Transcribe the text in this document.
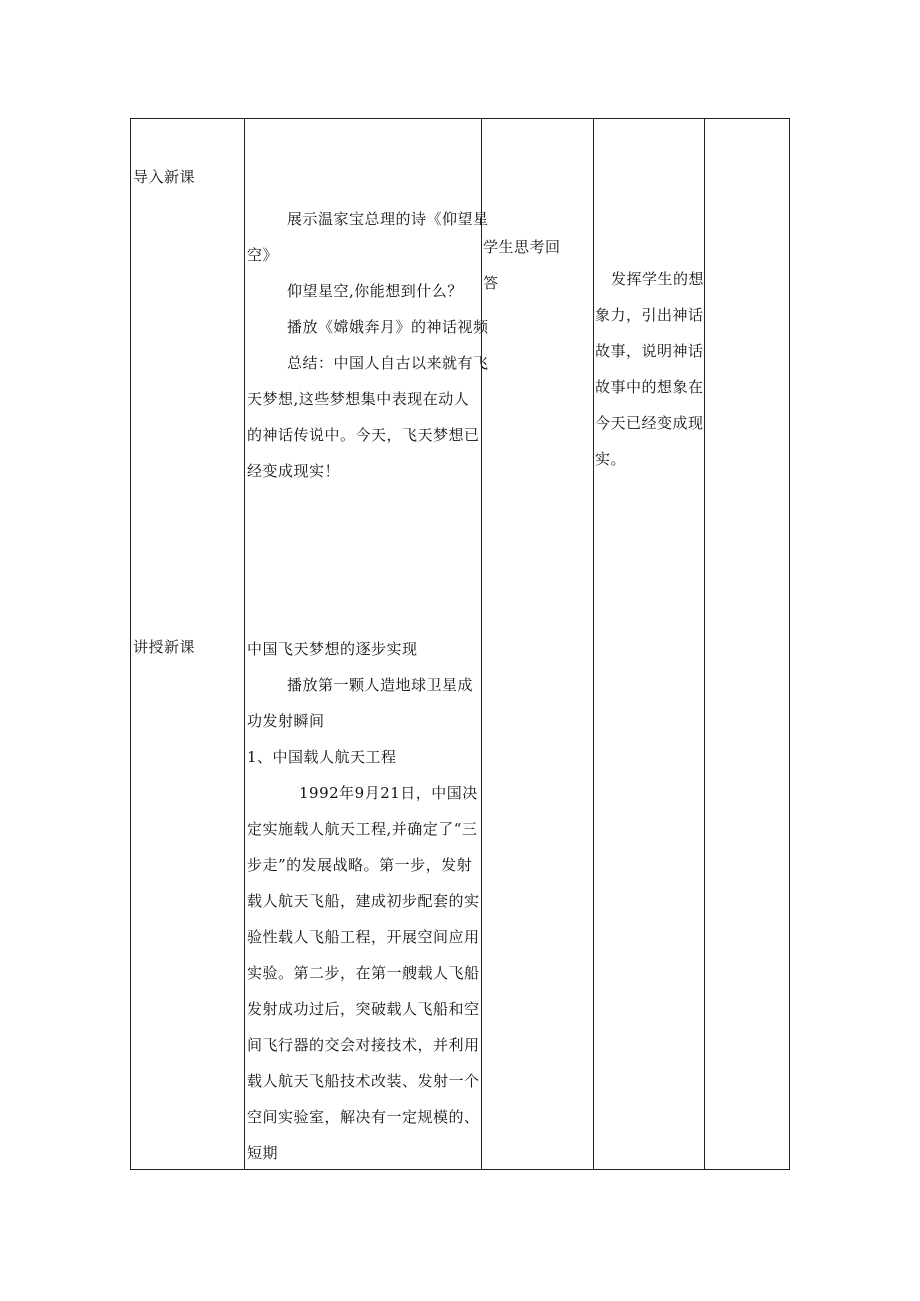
导入新课

展示温家宝总理的诗《仰望星

空》

仰望星空,你能想到什么？

播放《嫦娥奔月》的神话视频

总结：中国人自古以来就有飞

天梦想,这些梦想集中表现在动人

的神话传说中。今天，飞天梦想已

经变成现实！

学生思考回

答	发挥学生的想

象力，引出神话

故事，说明神话

故事中的想象在

今天已经变成现

实。

讲授新课	中国飞天梦想的逐步实现

播放第一颗人造地球卫星成

功发射瞬间

1、中国载人航天工程

1992年9月21日，中国决

定实施载人航天工程,并确定了“三

步走”的发展战略。第一步，发射

载人航天飞船，建成初步配套的实

验性载人飞船工程，开展空间应用

实验。第二步，在第一艘载人飞船

发射成功过后，突破载人飞船和空

间飞行器的交会对接技术，并利用

载人航天飞船技术改装、发射一个

空间实验室，解决有一定规模的、

短期
